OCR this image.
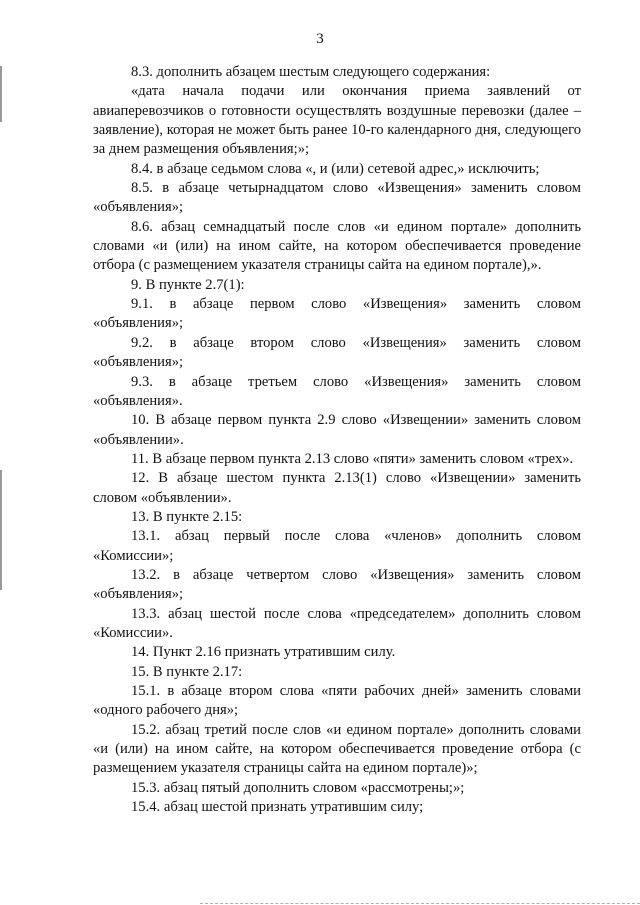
3

8.3. дополнить абзацем шестым следующего содержания:

«дата начала подачи или окончания приема заявлений от авиаперевозчиков о готовности осуществлять воздушные перевозки (далее – заявление), которая не может быть ранее 10-го календарного дня, следующего за днем размещения объявления;»;

8.4. в абзаце седьмом слова «, и (или) сетевой адрес,» исключить;

8.5. в абзаце четырнадцатом слово «Извещения» заменить словом «объявления»;

8.6. абзац семнадцатый после слов «и едином портале» дополнить словами «и (или) на ином сайте, на котором обеспечивается проведение отбора (с размещением указателя страницы сайта на едином портале),».

9. В пункте 2.7(1):

9.1. в абзаце первом слово «Извещения» заменить словом «объявления»;

9.2. в абзаце втором слово «Извещения» заменить словом «объявления»;

9.3. в абзаце третьем слово «Извещения» заменить словом «объявления».

10. В абзаце первом пункта 2.9 слово «Извещении» заменить словом «объявлении».

11. В абзаце первом пункта 2.13 слово «пяти» заменить словом «трех».

12. В абзаце шестом пункта 2.13(1) слово «Извещении» заменить словом «объявлении».

13. В пункте 2.15:

13.1. абзац первый после слова «членов» дополнить словом «Комиссии»;

13.2. в абзаце четвертом слово «Извещения» заменить словом «объявления»;

13.3. абзац шестой после слова «председателем» дополнить словом «Комиссии».

14. Пункт 2.16 признать утратившим силу.

15. В пункте 2.17:

15.1. в абзаце втором слова «пяти рабочих дней» заменить словами «одного рабочего дня»;

15.2. абзац третий после слов «и едином портале» дополнить словами «и (или) на ином сайте, на котором обеспечивается проведение отбора (с размещением указателя страницы сайта на едином портале)»;

15.3. абзац пятый дополнить словом «рассмотрены;»;

15.4. абзац шестой признать утратившим силу;
